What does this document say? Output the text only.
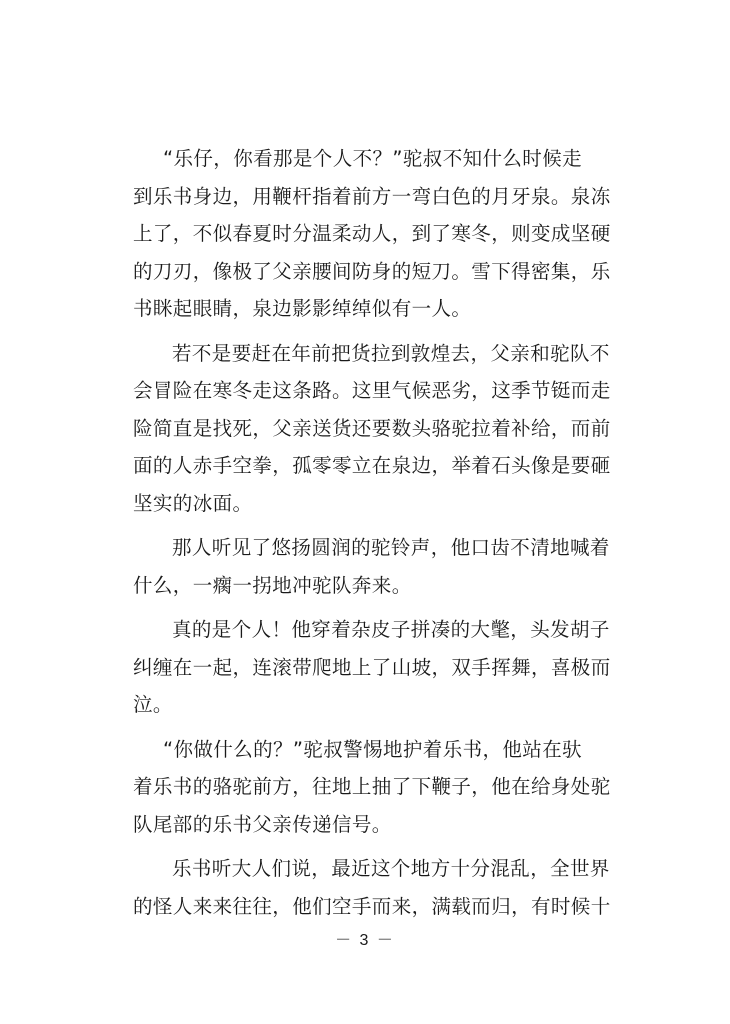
“乐仔，你看那是个人不？”驼叔不知什么时候走
到乐书身边，用鞭杆指着前方一弯白色的月牙泉。泉冻
上了，不似春夏时分温柔动人，到了寒冬，则变成坚硬
的刀刃，像极了父亲腰间防身的短刀。雪下得密集，乐
书眯起眼睛，泉边影影绰绰似有一人。

若不是要赶在年前把货拉到敦煌去，父亲和驼队不
会冒险在寒冬走这条路。这里气候恶劣，这季节铤而走
险简直是找死，父亲送货还要数头骆驼拉着补给，而前
面的人赤手空拳，孤零零立在泉边，举着石头像是要砸
坚实的冰面。

那人听见了悠扬圆润的驼铃声，他口齿不清地喊着
什么，一瘸一拐地冲驼队奔来。

真的是个人！他穿着杂皮子拼凑的大氅，头发胡子
纠缠在一起，连滚带爬地上了山坡，双手挥舞，喜极而
泣。

“你做什么的？”驼叔警惕地护着乐书，他站在驮
着乐书的骆驼前方，往地上抽了下鞭子，他在给身处驼
队尾部的乐书父亲传递信号。

乐书听大人们说，最近这个地方十分混乱，全世界
的怪人来来往往，他们空手而来，满载而归，有时候十

－ 3 －
